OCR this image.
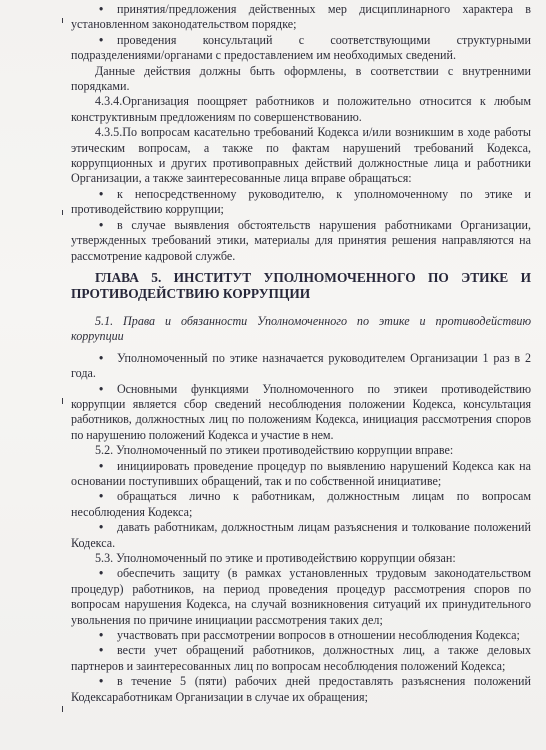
• принятия/предложения действенных мер дисциплинарного характера в установленном законодательством порядке;

• проведения консультаций с соответствующими структурными подразделениями/органами с предоставлением им необходимых сведений.

Данные действия должны быть оформлены, в соответствии с внутренними порядками.

4.3.4.Организация поощряет работников и положительно относится к любым конструктивным предложениям по совершенствованию.

4.3.5.По вопросам касательно требований Кодекса и/или возникшим в ходе работы этическим вопросам, а также по фактам нарушений требований Кодекса, коррупционных и других противоправных действий должностные лица и работники Организации, а также заинтересованные лица вправе обращаться:

• к непосредственному руководителю, к уполномоченному по этике и противодействию коррупции;

• в случае выявления обстоятельств нарушения работниками Организации, утвержденных требований этики, материалы для принятия решения направляются на рассмотрение кадровой службе.

ГЛАВА 5. ИНСТИТУТ УПОЛНОМОЧЕННОГО ПО ЭТИКЕ И ПРОТИВОДЕЙСТВИЮ КОРРУПЦИИ

5.1. Права и обязанности Уполномоченного по этике и противодействию коррупции

• Уполномоченный по этике назначается руководителем Организации 1 раз в 2 года.

• Основными функциями Уполномоченного по этикеи противодействию коррупции является сбор сведений несоблюдения положении Кодекса, консультация работников, должностных лиц по положениям Кодекса, инициация рассмотрения споров по нарушению положений Кодекса и участие в нем.

5.2. Уполномоченный по этикеи противодействию коррупции вправе:

• инициировать проведение процедур по выявлению нарушений Кодекса как на основании поступивших обращений, так и по собственной инициативе;

• обращаться лично к работникам, должностным лицам по вопросам несоблюдения Кодекса;

• давать работникам, должностным лицам разъяснения и толкование положений Кодекса.

5.3. Уполномоченный по этике и противодействию коррупции обязан:

• обеспечить защиту (в рамках установленных трудовым законодательством процедур) работников, на период проведения процедур рассмотрения споров по вопросам нарушения Кодекса, на случай возникновения ситуаций их принудительного увольнения по причине инициации рассмотрения таких дел;

• участвовать при рассмотрении вопросов в отношении несоблюдения Кодекса;

• вести учет обращений работников, должностных лиц, а также деловых партнеров и заинтересованных лиц по вопросам несоблюдения положений Кодекса;

• в течение 5 (пяти) рабочих дней предоставлять разъяснения положений Кодексаработникам Организации в случае их обращения;
